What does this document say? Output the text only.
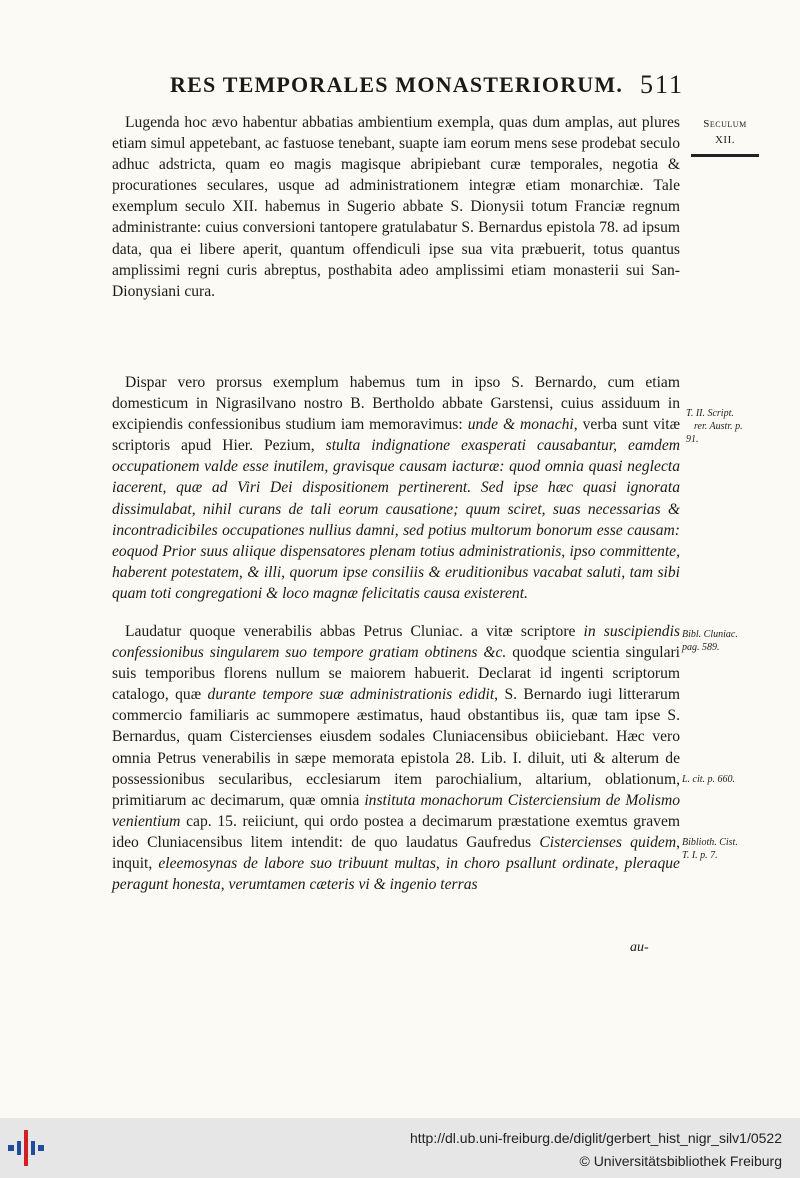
RES TEMPORALES MONASTERIORUM. 511
Seculum
XII.

Lugenda hoc ævo habentur abbatias ambientium exempla, quas dum amplas, aut plures etiam simul appetebant, ac fastuose tenebant, suapte iam eorum mens sese prodebat seculo adhuc adstricta, quam eo magis magisque abripiebant curæ temporales, negotia & procurationes seculares, usque ad administrationem integræ etiam monarchiæ. Tale exemplum seculo XII. habemus in Sugerio abbate S. Dionysii totum Franciæ regnum administrante: cuius conversioni tantopere gratulabatur S. Bernardus epistola 78. ad ipsum data, qua ei libere aperit, quantum offendiculi ipse sua vita præbuerit, totus quantus amplissimi regni curis abreptus, posthabita adeo amplissimi etiam monasterii sui San-Dionysiani cura.

Dispar vero prorsus exemplum habemus tum in ipso S. Bernardo, cum etiam domesticum in Nigrasilvano nostro B. Bertholdo abbate Garstensi, cuius assiduum in excipiendis confessionibus studium iam memoravimus: unde & monachi, verba sunt vitæ scriptoris apud Hier. Pezium, stulta indignatione exasperati causabantur, eamdem occupationem valde esse inutilem, gravisque causam iacturæ: quod omnia quasi neglecta iacerent, quæ ad Viri Dei dispositionem pertinerent. Sed ipse hæc quasi ignorata dissimulabat, nihil curans de tali eorum causatione; quum sciret, suas necessarias & incontradicibiles occupationes nullius damni, sed potius multorum bonorum esse causam: eoquod Prior suus aliique dispensatores plenam totius administrationis, ipso committente, haberent potestatem, & illi, quorum ipse consiliis & eruditionibus vacabat saluti, tam sibi quam toti congregationi & loco magnæ felicitatis causa existerent.

T. II. Script.
rer. Austr. p.
91.

Laudatur quoque venerabilis abbas Petrus Cluniac. a vitæ scriptore in suscipiendis confessionibus singularem suo tempore gratiam obtinens &c. quodque scientia singulari suis temporibus florens nullum se maiorem habuerit. Declarat id ingenti scriptorum catalogo, quæ durante tempore suæ administrationis edidit, S. Bernardo iugi litterarum commercio familiaris ac summopere æstimatus, haud obstantibus iis, quæ tam ipse S. Bernardus, quam Cistercienses eiusdem sodales Cluniacensibus obiiciebant. Hæc vero omnia Petrus venerabilis in sæpe memorata epistola 28. Lib. I. diluit, uti & alterum de possessionibus secularibus, ecclesiarum item parochialium, altarium, oblationum, primitiarum ac decimarum, quæ omnia instituta monachorum Cisterciensium de Molismo venientium cap. 15. reiiciunt, qui ordo postea a decimarum præstatione exemtus gravem ideo Cluniacensibus litem intendit: de quo laudatus Gaufredus Cistercienses quidem, inquit, eleemosynas de labore suo tribuunt multas, in choro psallunt ordinate, pleraque peragunt honesta, verumtamen cæteris vi & ingenio terras

Bibl. Cluniac.
pag. 589.
L. cit. p. 660.
Biblioth. Cist.
T. I. p. 7.
au-
http://dl.ub.uni-freiburg.de/diglit/gerbert_hist_nigr_silv1/0522
© Universitätsbibliothek Freiburg
